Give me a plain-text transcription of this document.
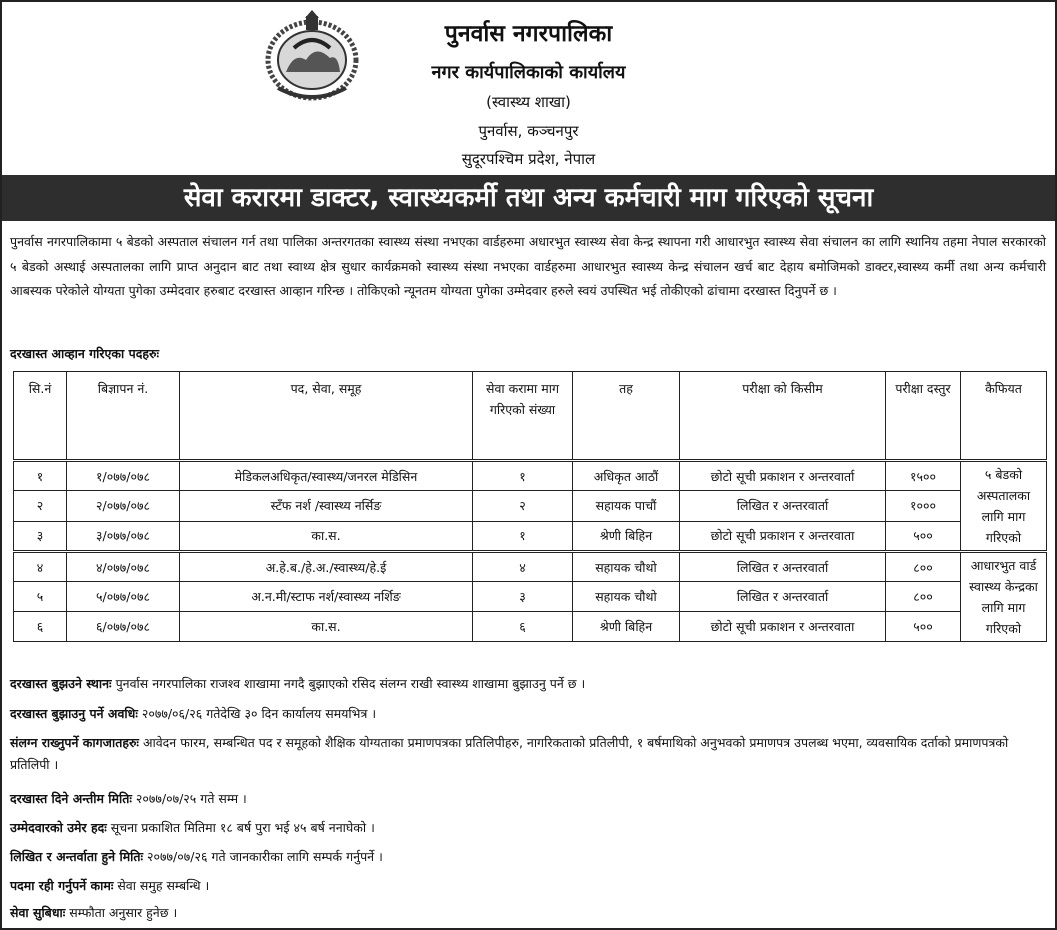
पुनर्वास नगरपालिका
नगर कार्यपालिकाको कार्यालय
(स्वास्थ्य शाखा)
पुनर्वास, कञ्चनपुर
सुदूरपश्चिम प्रदेश, नेपाल
सेवा करारमा डाक्टर, स्वास्थ्यकर्मी तथा अन्य कर्मचारी माग गरिएको सूचना
पुनर्वास नगरपालिकामा ५ बेडको अस्पताल संचालन गर्न तथा पालिका अन्तरगतका स्वास्थ्य संस्था नभएका वार्डहरुमा अधारभुत स्वास्थ्य सेवा केन्द्र स्थापना गरी आधारभुत स्वास्थ्य सेवा संचालन का लागि स्थानिय तहमा नेपाल सरकारको ५ बेडको अस्थाई अस्पतालका लागि प्राप्त अनुदान बाट तथा स्वाथ्य क्षेत्र सुधार कार्यक्रमको स्वास्थ्य संस्था नभएका वार्डहरुमा आधारभुत स्वास्थ्य केन्द्र संचालन खर्च बाट देहाय बमोजिमको डाक्टर,स्वास्थ्य कर्मी तथा अन्य कर्मचारी आबस्यक परेकोले योग्यता पुगेका उम्मेदवार हरुबाट दरखास्त आव्हान गरिन्छ । तोकिएको न्यूनतम योग्यता पुगेका उम्मेदवार हरुले स्वयं उपस्थित भई तोकीएको ढांचामा दरखास्त दिनुपर्ने छ ।
दरखास्त आव्हान गरिएका पदहरुः
सि.नं	बिज्ञापन नं.	पद, सेवा, समूह	सेवा करामा माग गरिएको संख्या	तह	परीक्षा को किसीम	परीक्षा दस्तुर	कैफियत
१	१/०७७/०७८	मेडिकलअधिकृत/स्वास्थ्य/जनरल मेडिसिन	१	अधिकृत आठौं	छोटो सूची प्रकाशन र अन्तरवार्ता	१५००	५ बेडको अस्पतालका लागि माग गरिएको
२	२/०७७/०७८	स्टँफ नर्श /स्वास्थ्य नर्सिङ	२	सहायक पाचौं	लिखित र अन्तरवार्ता	१०००	
३	३/०७७/०७८	का.स.	१	श्रेणी बिहिन	छोटो सूची प्रकाशन र अन्तरवाता	५००	
४	४/०७७/०७८	अ.हे.ब./हे.अ./स्वास्थ्य/हे.ई	४	सहायक चौथो	लिखित र अन्तरवार्ता	८००	आधारभुत वार्ड स्वास्थ्य केन्द्रका लागि माग गरिएको
५	५/०७७/०७८	अ.न.मी/स्टाफ नर्श/स्वास्थ्य नर्शिङ	३	सहायक चौथो	लिखित र अन्तरवार्ता	८००	
६	६/०७७/०७८	का.स.	६	श्रेणी बिहिन	छोटो सूची प्रकाशन र अन्तरवाता	५००	
दरखास्त बुझउने स्थानः पुनर्वास नगरपालिका राजश्व शाखामा नगदै बुझाएको रसिद संलग्न राखी स्वास्थ्य शाखामा बुझाउनु पर्ने छ ।
दरखास्त बुझाउनु पर्ने अवधिः २०७७/०६/२६ गतेदेखि ३० दिन कार्यालय समयभित्र ।
संलग्न राख्नुपर्ने कागजातहरुः आवेदन फारम, सम्बन्धित पद र समूहको शैक्षिक योग्यताका प्रमाणपत्रका प्रतिलिपीहरु, नागरिकताको प्रतिलीपी, १ बर्षमाथिको अनुभवको प्रमाणपत्र उपलब्ध भएमा, व्यवसायिक दर्ताको प्रमाणपत्रको प्रतिलिपी ।
दरखास्त दिने अन्तीम मितिः २०७७/०७/२५ गते सम्म ।
उम्मेदवारको उमेर हदः सूचना प्रकाशित मितिमा १८ बर्ष पुरा भई ४५ बर्ष ननाघेको ।
लिखित र अन्तर्वाता हुने मितिः २०७७/०७/२६ गते जानकारीका लागि सम्पर्क गर्नुपर्ने ।
पदमा रही गर्नुपर्ने कामः सेवा समुह सम्बन्धि ।
सेवा सुबिधाः सम्फौता अनुसार हुनेछ ।
